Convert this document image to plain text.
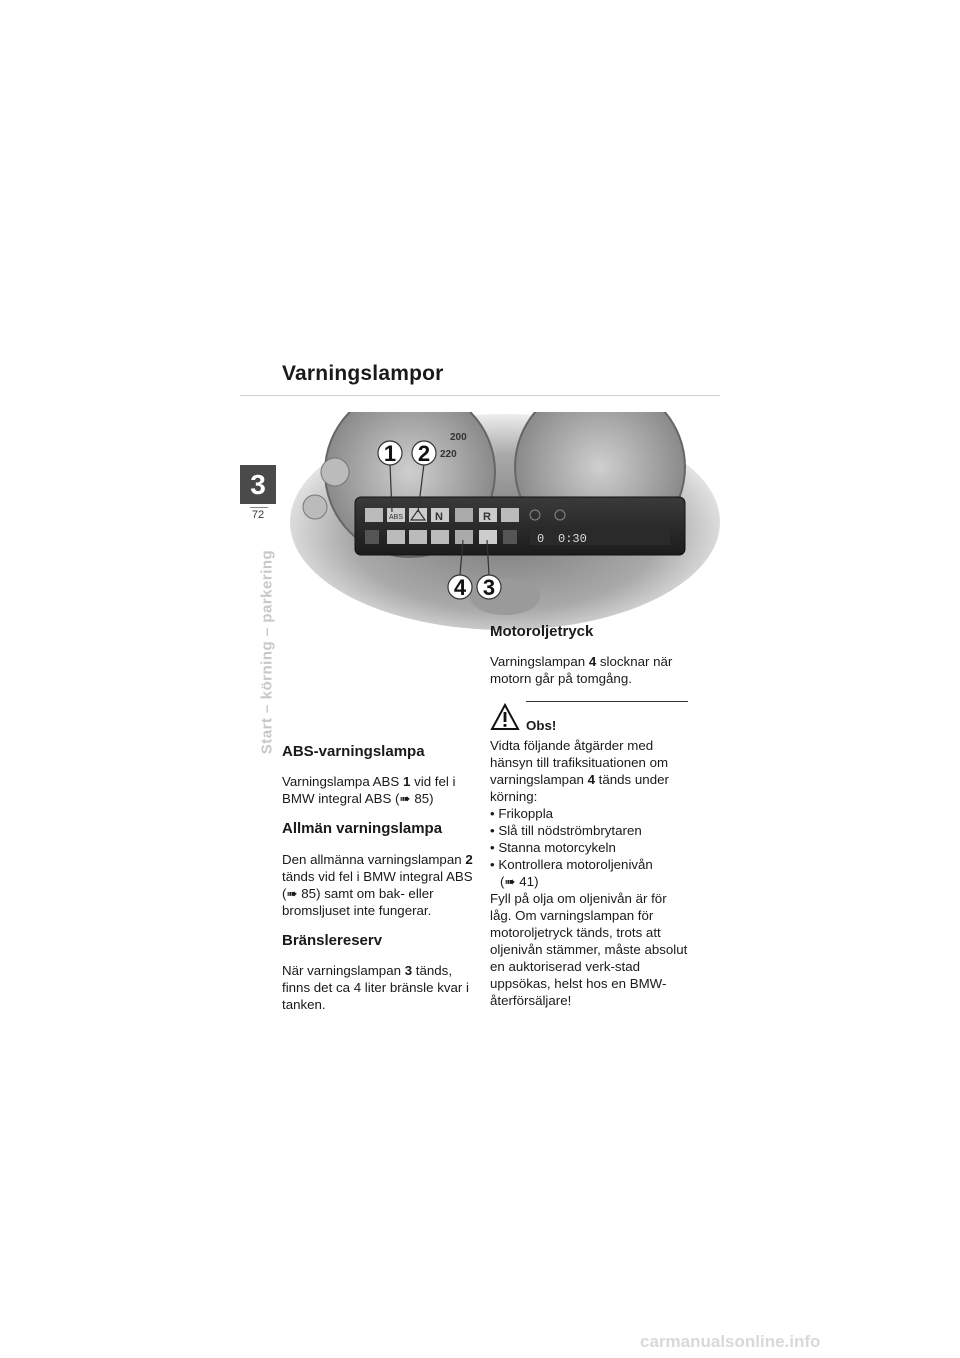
Varningslampor
3
72
Start – körning – parkering
200
220
ABS	N	R
0 0:30
1 2
4 3
ABS-varningslampa

Varningslampa ABS 1 vid fel i BMW integral ABS (➠ 85)

Allmän varningslampa

Den allmänna varningslampan 2 tänds vid fel i BMW integral ABS (➠ 85) samt om bak- eller bromsljuset inte fungerar.

Bränslereserv

När varningslampan 3 tänds, finns det ca 4 liter bränsle kvar i tanken.

Motoroljetryck

Varningslampan 4 slocknar när motorn går på tomgång.

Obs!

Vidta följande åtgärder med hänsyn till trafiksituationen om varningslampan 4 tänds under körning:

• Frikoppla
• Slå till nödströmbrytaren
• Stanna motorcykeln
• Kontrollera motoroljenivån

(➠ 41)

Fyll på olja om oljenivån är för låg. Om varningslampan för motoroljetryck tänds, trots att oljenivån stämmer, måste absolut en auktoriserad verk-stad uppsökas, helst hos en BMW-återförsäljare!

carmanualsonline.info
